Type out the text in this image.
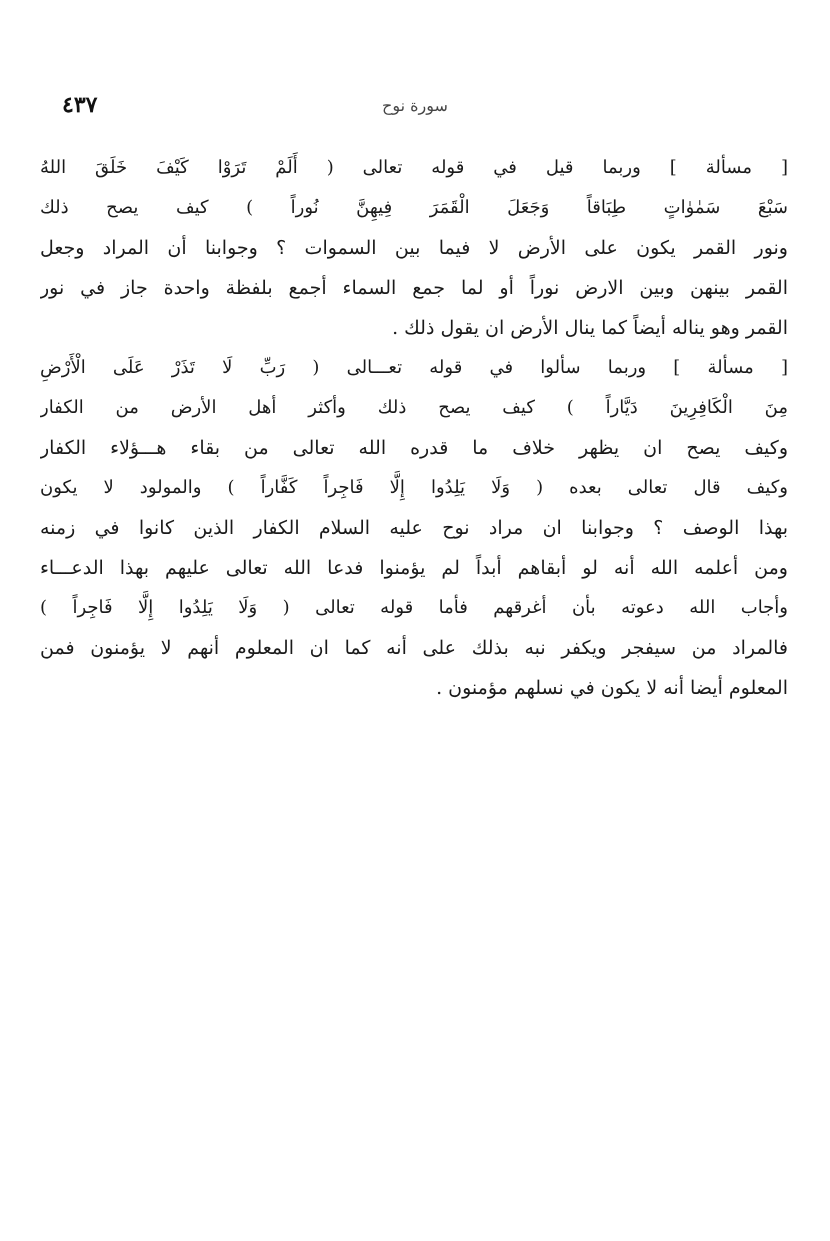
سورة نوح
٤٣٧
[ مسألة ] وربما قيل في قوله تعالى ( أَلَمْ تَرَوْا كَيْفَ خَلَقَ اللهُ
سَبْعَ سَمٰوٰاتٍ طِبَاقاً وَجَعَلَ الْقَمَرَ فِيهِنَّ نُوراً ) كيف يصح ذلك
ونور القمر يكون على الأرض لا فيما بين السموات ؟ وجوابنا أن المراد وجعل
القمر بينهن وبين الارض نوراً أو لما جمع السماء أجمع بلفظة واحدة جاز في نور
القمر وهو يناله أيضاً كما ينال الأرض ان يقول ذلك .
[ مسألة ] وربما سألوا في قوله تعـــالى ( رَبِّ لَا تَذَرْ عَلَى الْأَرْضِ
مِنَ الْكَافِرِينَ دَيَّاراً ) كيف يصح ذلك وأكثر أهل الأرض من الكفار
وكيف يصح ان يظهر خلاف ما قدره الله تعالى من بقاء هـــؤلاء الكفار
وكيف قال تعالى بعده ( وَلَا يَلِدُوا إِلَّا فَاجِراً كَفَّاراً ) والمولود لا يكون
بهذا الوصف ؟ وجوابنا ان مراد نوح عليه السلام الكفار الذين كانوا في زمنه
ومن أعلمه الله أنه لو أبقاهم أبداً لم يؤمنوا فدعا الله تعالى عليهم بهذا الدعـــاء
وأجاب الله دعوته بأن أغرقهم فأما قوله تعالى ( وَلَا يَلِدُوا إِلَّا فَاجِراً )
فالمراد من سيفجر ويكفر نبه بذلك على أنه كما ان المعلوم أنهم لا يؤمنون فمن
المعلوم أيضا أنه لا يكون في نسلهم مؤمنون .
